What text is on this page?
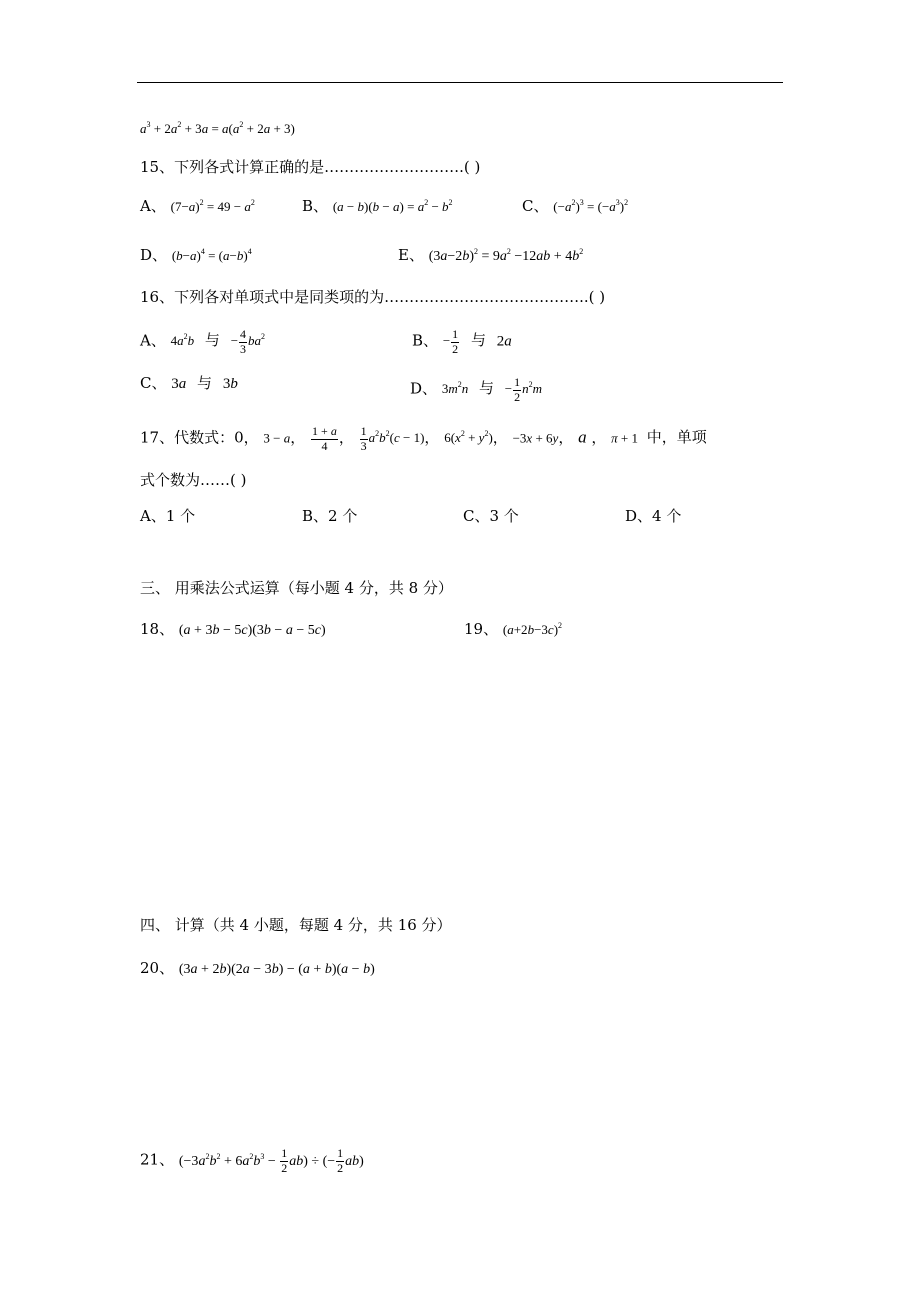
$a^3 + 2a^2 + 3a = a(a^2 + 2a + 3)$
15、下列各式计算正确的是……………………….( )
A、 $(7-a)^2 = 49 - a^2$	B、 $(a - b)(b - a) = a^2 - b^2$	C、 $(-a^2)^3 = (-a^3)^2$
D、 $(b-a)^4 = (a-b)^4$	E、 $(3a-2b)^2 = 9a^2 -12ab + 4b^2$
16、下列各对单项式中是同类项的为…………………………………..( )
A、 $4a^2b$ 与 − $\frac{4}{3} ba^2$	B、 − $\frac{1}{2}$ 与 2a
C、 3a 与 3b	D、 $3m^2n$ 与 − $\frac{1}{2} n^2m$
17、代数式：0， 3 − a， $\frac{1 + a}{4}$ ， $\frac{1}{3} a^2b^2(c - 1)$， $6(x^2 + y^2)$， −3x + 6y， a ， π + 1 中，单项
式个数为……( )
A、1 个	B、2 个	C、3 个	D、4 个
三、 用乘法公式运算（每小题 4 分，共 8 分）
18、 (a + 3b − 5c)(3b − a − 5c)	19、 $(a+2b-3c)^2$
四、 计算（共 4 小题，每题 4 分，共 16 分）
20、 (3a + 2b)(2a − 3b) − (a + b)(a − b)
21、 $(-3a^2b^2 + 6a^2b^3 - \frac{1}{2} ab)$ ÷ (− $\frac{1}{2} ab$)
